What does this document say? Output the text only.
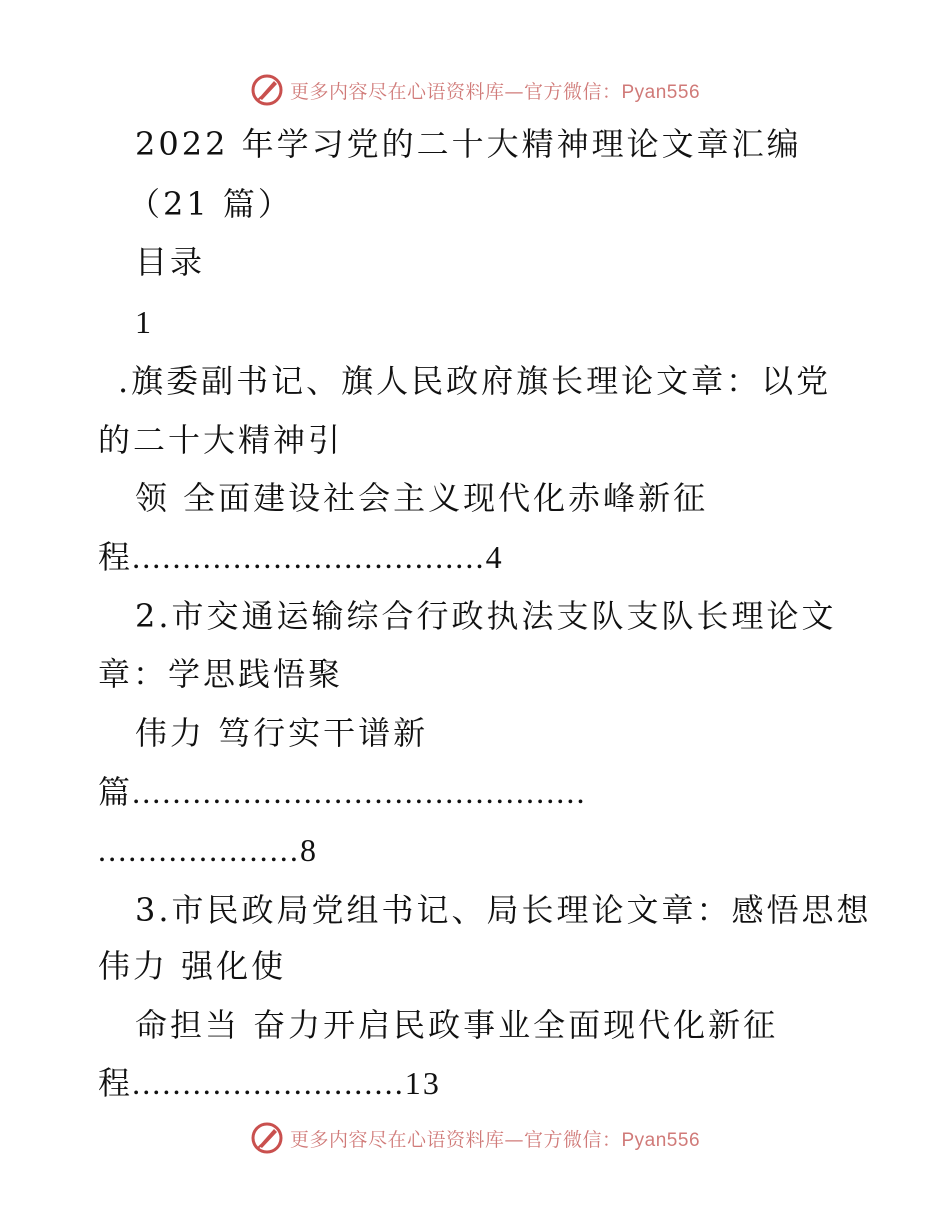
更多内容尽在心语资料库—官方微信：Pyan556
2022 年学习党的二十大精神理论文章汇编
（21 篇）
目录
1
.旗委副书记、旗人民政府旗长理论文章：以党
的二十大精神引
领 全面建设社会主义现代化赤峰新征
程...................................4
2.市交通运输综合行政执法支队支队长理论文
章：学思践悟聚
伟力 笃行实干谱新
篇.............................................
....................8
3.市民政局党组书记、局长理论文章：感悟思想
伟力 强化使
命担当 奋力开启民政事业全面现代化新征
程...........................13
更多内容尽在心语资料库—官方微信：Pyan556
